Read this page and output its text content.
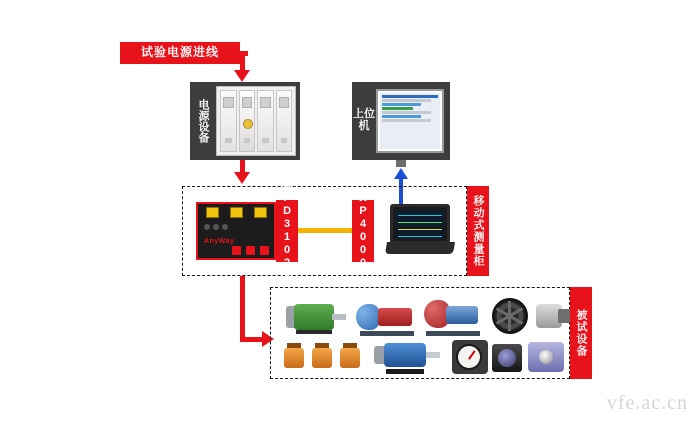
试验电源进线
电源设备	上位机
移动式测量柜
AnyWay	SPD31028	WP4000
被试设备
vfe.ac.cn
